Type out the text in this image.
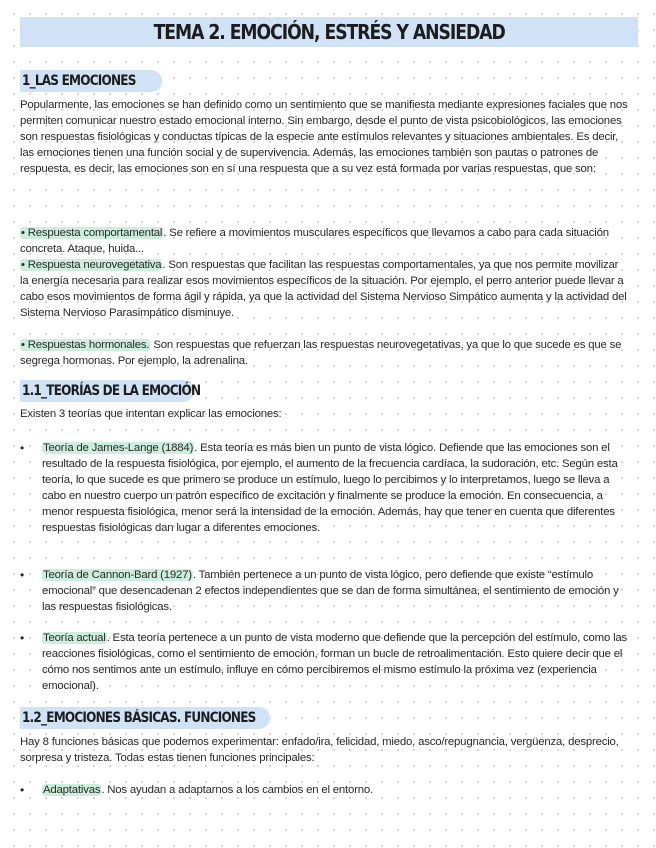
TEMA 2. EMOCIÓN, ESTRÉS Y ANSIEDAD
1_LAS EMOCIONES

Popularmente, las emociones se han definido como un sentimiento que se manifiesta mediante expresiones faciales que nos permiten comunicar nuestro estado emocional interno. Sin embargo, desde el punto de vista psicobiológicos, las emociones son respuestas fisiológicas y conductas típicas de la especie ante estímulos relevantes y situaciones ambientales. Es decir, las emociones tienen una función social y de supervivencia. Además, las emociones también son pautas o patrones de respuesta, es decir, las emociones son en sí una respuesta que a su vez está formada por varias respuestas, que son:

• Respuesta comportamental. Se refiere a movimientos musculares específicos que llevamos a cabo para cada situación concreta. Ataque, huida...

• Respuesta neurovegetativa. Son respuestas que facilitan las respuestas comportamentales, ya que nos permite movilizar la energía necesaria para realizar esos movimientos específicos de la situación. Por ejemplo, el perro anterior puede llevar a cabo esos movimientos de forma ágil y rápida, ya que la actividad del Sistema Nervioso Simpático aumenta y la actividad del Sistema Nervioso Parasimpático disminuye.

• Respuestas hormonales. Son respuestas que refuerzan las respuestas neurovegetativas, ya que lo que sucede es que se segrega hormonas. Por ejemplo, la adrenalina.

1.1_TEORÍAS DE LA EMOCIÓN

Existen 3 teorías que intentan explicar las emociones:

• Teoría de James-Lange (1884). Esta teoría es más bien un punto de vista lógico. Defiende que las emociones son el resultado de la respuesta fisiológica, por ejemplo, el aumento de la frecuencia cardíaca, la sudoración, etc. Según esta teoría, lo que sucede es que primero se produce un estímulo, luego lo percibimos y lo interpretamos, luego se lleva a cabo en nuestro cuerpo un patrón específico de excitación y finalmente se produce la emoción. En consecuencia, a menor respuesta fisiológica, menor será la intensidad de la emoción. Además, hay que tener en cuenta que diferentes respuestas fisiológicas dan lugar a diferentes emociones.

• Teoría de Cannon-Bard (1927). También pertenece a un punto de vista lógico, pero defiende que existe “estímulo emocional” que desencadenan 2 efectos independientes que se dan de forma simultánea, el sentimiento de emoción y las respuestas fisiológicas.

• Teoría actual. Esta teoría pertenece a un punto de vista moderno que defiende que la percepción del estímulo, como las reacciones fisiológicas, como el sentimiento de emoción, forman un bucle de retroalimentación. Esto quiere decir que el cómo nos sentimos ante un estímulo, influye en cómo percibiremos el mismo estímulo la próxima vez (experiencia emocional).

1.2_EMOCIONES BÁSICAS. FUNCIONES

Hay 8 funciones básicas que podemos experimentar: enfado/ira, felicidad, miedo, asco/repugnancia, vergüenza, desprecio, sorpresa y tristeza. Todas estas tienen funciones principales:

• Adaptativas. Nos ayudan a adaptarnos a los cambios en el entorno.
